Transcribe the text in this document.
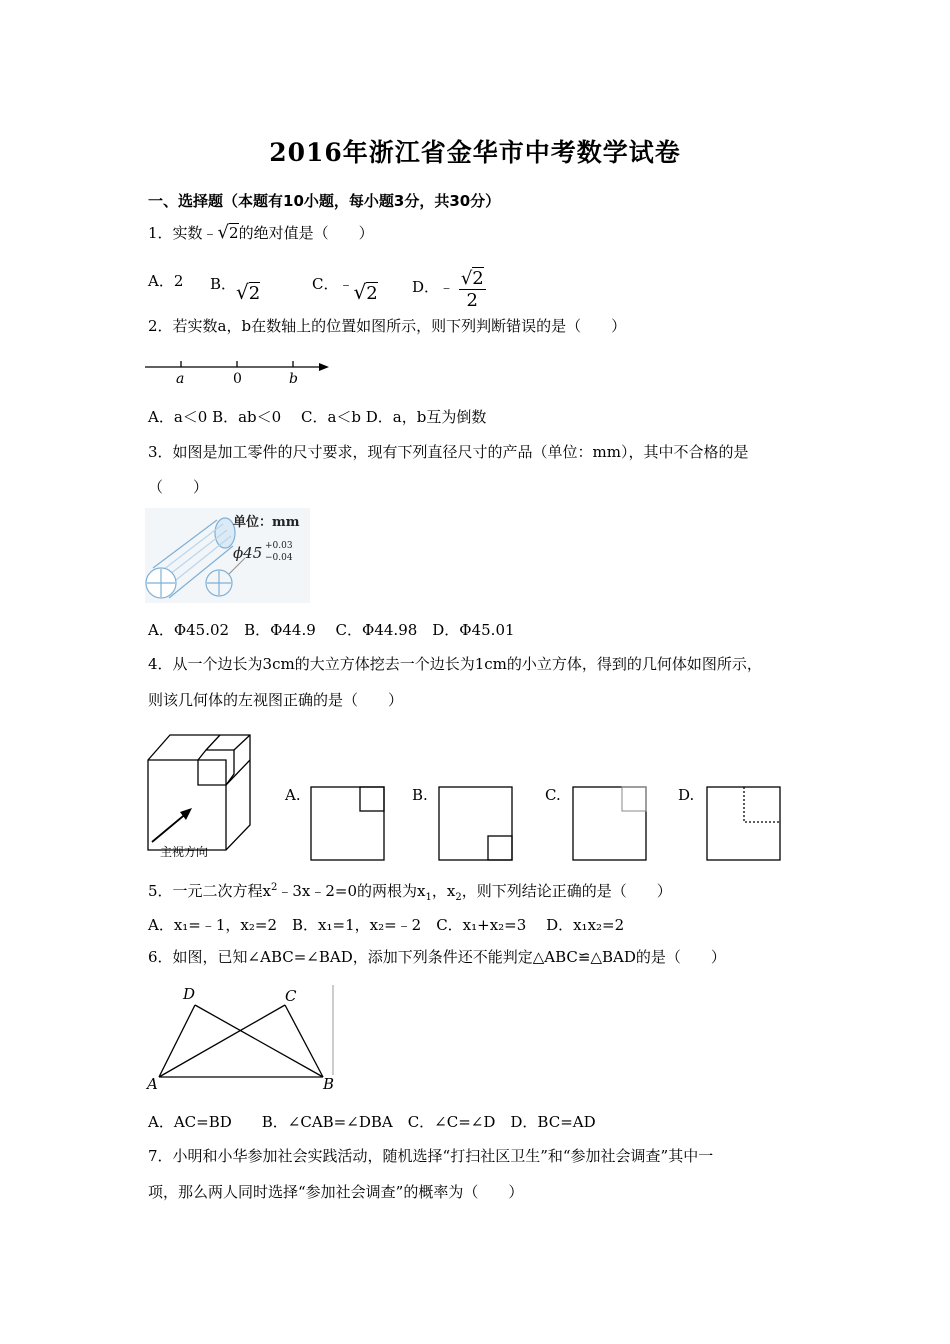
2016年浙江省金华市中考数学试卷
一、选择题（本题有10小题，每小题3分，共30分）
1．实数﹣√2的绝对值是（　　）
A．2 B．√2	C．﹣√2 D．﹣ $\frac{√2}{2}$
2．若实数a，b在数轴上的位置如图所示，则下列判断错误的是（　　）
a	0	b
A．a＜0 B．ab＜0　 C．a＜b D．a，b互为倒数
3．如图是加工零件的尺寸要求，现有下列直径尺寸的产品（单位：mm），其中不合格的是
（　　）
单位：mm
ϕ45 +0.03
−0.04
A．Φ45.02　B．Φ44.9　 C．Φ44.98　D．Φ45.01
4．从一个边长为3cm的大立方体挖去一个边长为1cm的小立方体，得到的几何体如图所示，
则该几何体的左视图正确的是（　　）
主视方向
A.	B.	C.	D.
5．一元二次方程$x^2﹣3x﹣2=0$的两根为$x_1$，$x_2$，则下列结论正确的是（　　）
A．x₁=﹣1，x₂=2　B．x₁=1，x₂=﹣2　C．x₁+x₂=3　 D．x₁x₂=2
6．如图，已知∠ABC=∠BAD，添加下列条件还不能判定△ABC≌△BAD的是（　　）
A	B
C
D
A．AC=BD　　B．∠CAB=∠DBA　C．∠C=∠D　D．BC=AD
7．小明和小华参加社会实践活动，随机选择“打扫社区卫生”和“参加社会调查”其中一
项，那么两人同时选择“参加社会调查”的概率为（　　）
